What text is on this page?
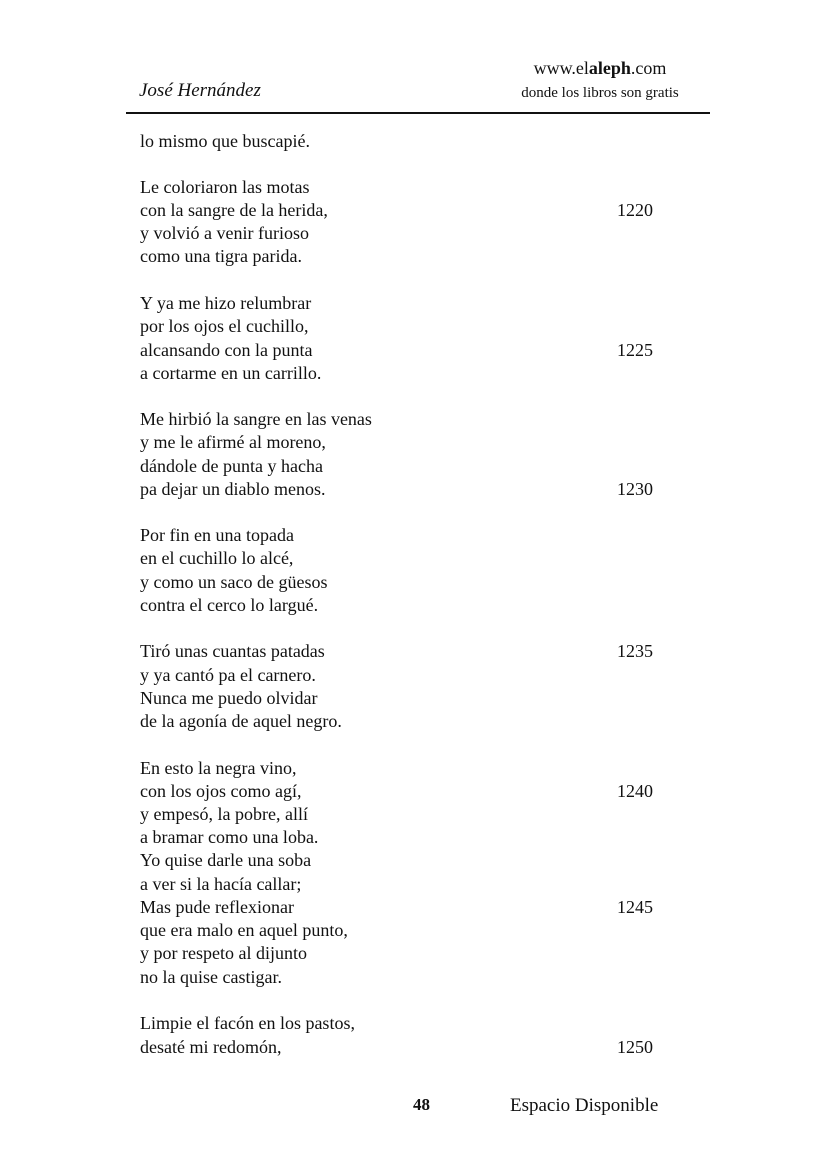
José Hernández
www.elaleph.com
donde los libros son gratis
lo mismo que buscapié.
Le coloriaron las motas
con la sangre de la herida,
y volvió a venir furioso
como una tigra parida.
Y ya me hizo relumbrar
por los ojos el cuchillo,
alcansando con la punta
a cortarme en un carrillo.
Me hirbió la sangre en las venas
y me le afirmé al moreno,
dándole de punta y hacha
pa dejar un diablo menos.
Por fin en una topada
en el cuchillo lo alcé,
y como un saco de güesos
contra el cerco lo largué.
Tiró unas cuantas patadas
y ya cantó pa el carnero.
Nunca me puedo olvidar
de la agonía de aquel negro.
En esto la negra vino,
con los ojos como agí,
y empesó, la pobre, allí
a bramar como una loba.
Yo quise darle una soba
a ver si la hacía callar;
Mas pude reflexionar
que era malo en aquel punto,
y por respeto al dijunto
no la quise castigar.
Limpie el facón en los pastos,
desaté mi redomón,
1220
1225
1230
1235
1240
1245
1250
48	Espacio Disponible
